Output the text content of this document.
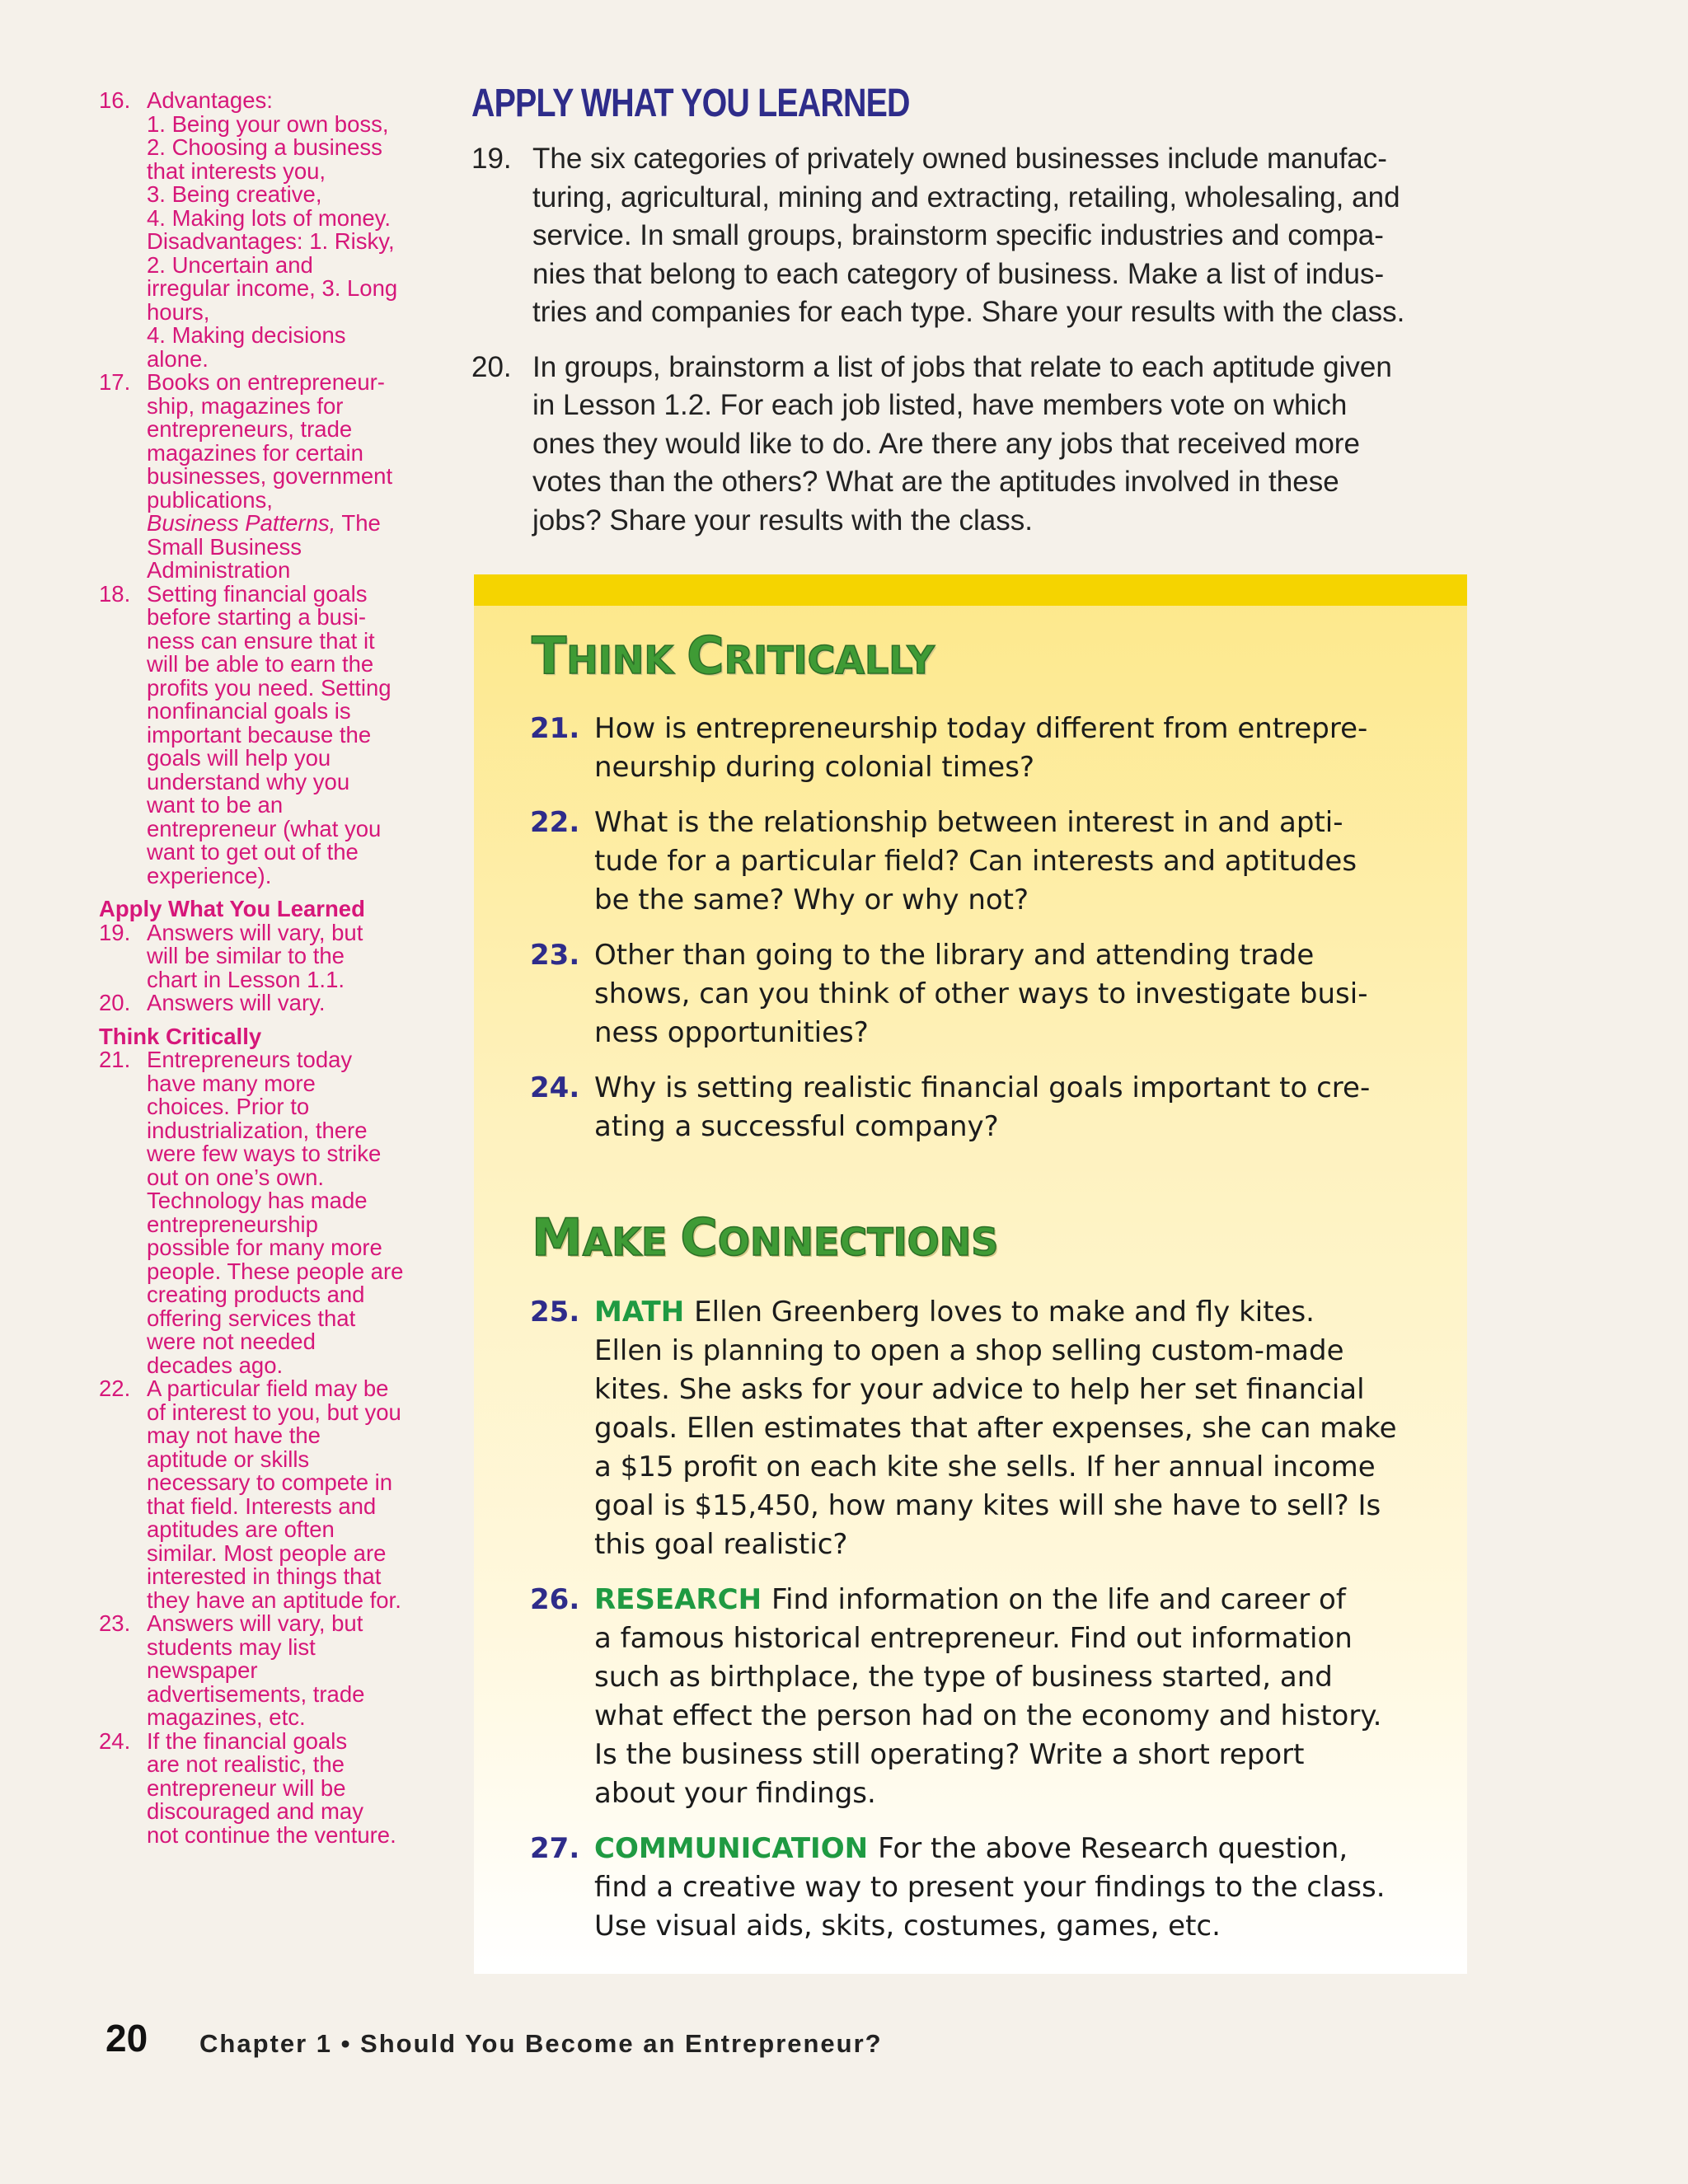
16. Advantages:
1. Being your own boss,
2. Choosing a business
that interests you,
3. Being creative,
4. Making lots of money.
Disadvantages: 1. Risky,
2. Uncertain and
irregular income, 3. Long
hours,
4. Making decisions
alone.
17. Books on entrepreneur-
ship, magazines for
entrepreneurs, trade
magazines for certain
businesses, government
publications,
Business Patterns, The
Small Business
Administration
18. Setting financial goals
before starting a busi-
ness can ensure that it
will be able to earn the
profits you need. Setting
nonfinancial goals is
important because the
goals will help you
understand why you
want to be an
entrepreneur (what you
want to get out of the
experience).
Apply What You Learned
19. Answers will vary, but
will be similar to the
chart in Lesson 1.1.
20. Answers will vary.
Think Critically
21. Entrepreneurs today
have many more
choices. Prior to
industrialization, there
were few ways to strike
out on one’s own.
Technology has made
entrepreneurship
possible for many more
people. These people are
creating products and
offering services that
were not needed
decades ago.
22. A particular field may be
of interest to you, but you
may not have the
aptitude or skills
necessary to compete in
that field. Interests and
aptitudes are often
similar. Most people are
interested in things that
they have an aptitude for.
23. Answers will vary, but
students may list
newspaper
advertisements, trade
magazines, etc.
24. If the financial goals
are not realistic, the
entrepreneur will be
discouraged and may
not continue the venture.
APPLY WHAT YOU LEARNED
19. The six categories of privately owned businesses include manufac-
turing, agricultural, mining and extracting, retailing, wholesaling, and
service. In small groups, brainstorm specific industries and compa-
nies that belong to each category of business. Make a list of indus-
tries and companies for each type. Share your results with the class.
20. In groups, brainstorm a list of jobs that relate to each aptitude given
in Lesson 1.2. For each job listed, have members vote on which
ones they would like to do. Are there any jobs that received more
votes than the others? What are the aptitudes involved in these
jobs? Share your results with the class.
THINK CRITICALLY
21. How is entrepreneurship today different from entrepre-
neurship during colonial times?
22. What is the relationship between interest in and apti-
tude for a particular field? Can interests and aptitudes
be the same? Why or why not?
23. Other than going to the library and attending trade
shows, can you think of other ways to investigate busi-
ness opportunities?
24. Why is setting realistic financial goals important to cre-
ating a successful company?
MAKE CONNECTIONS
25. MATH Ellen Greenberg loves to make and fly kites.
Ellen is planning to open a shop selling custom-made
kites. She asks for your advice to help her set financial
goals. Ellen estimates that after expenses, she can make
a $15 profit on each kite she sells. If her annual income
goal is $15,450, how many kites will she have to sell? Is
this goal realistic?
26. RESEARCH Find information on the life and career of
a famous historical entrepreneur. Find out information
such as birthplace, the type of business started, and
what effect the person had on the economy and history.
Is the business still operating? Write a short report
about your findings.
27. COMMUNICATION For the above Research question,
find a creative way to present your findings to the class.
Use visual aids, skits, costumes, games, etc.
20 Chapter 1 • Should You Become an Entrepreneur?
